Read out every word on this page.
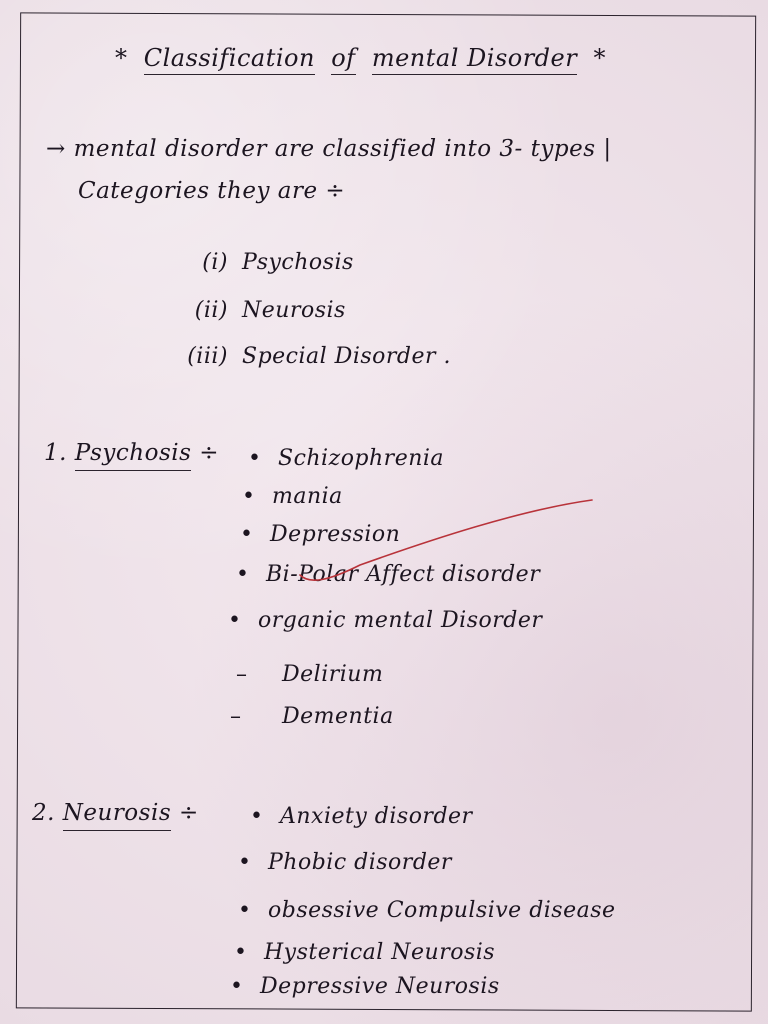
* Classification of mental Disorder *
→ mental disorder are classified into 3- types |
Categories they are ÷
(i) Psychosis
(ii) Neurosis
(iii) Special Disorder .
1. Psychosis ÷ • Schizophrenia
• mania
• Depression
• Bi-Polar Affect disorder
• organic mental Disorder
– Delirium
– Dementia
2. Neurosis ÷ • Anxiety disorder
• Phobic disorder
• obsessive Compulsive disease
• Hysterical Neurosis
• Depressive Neurosis
